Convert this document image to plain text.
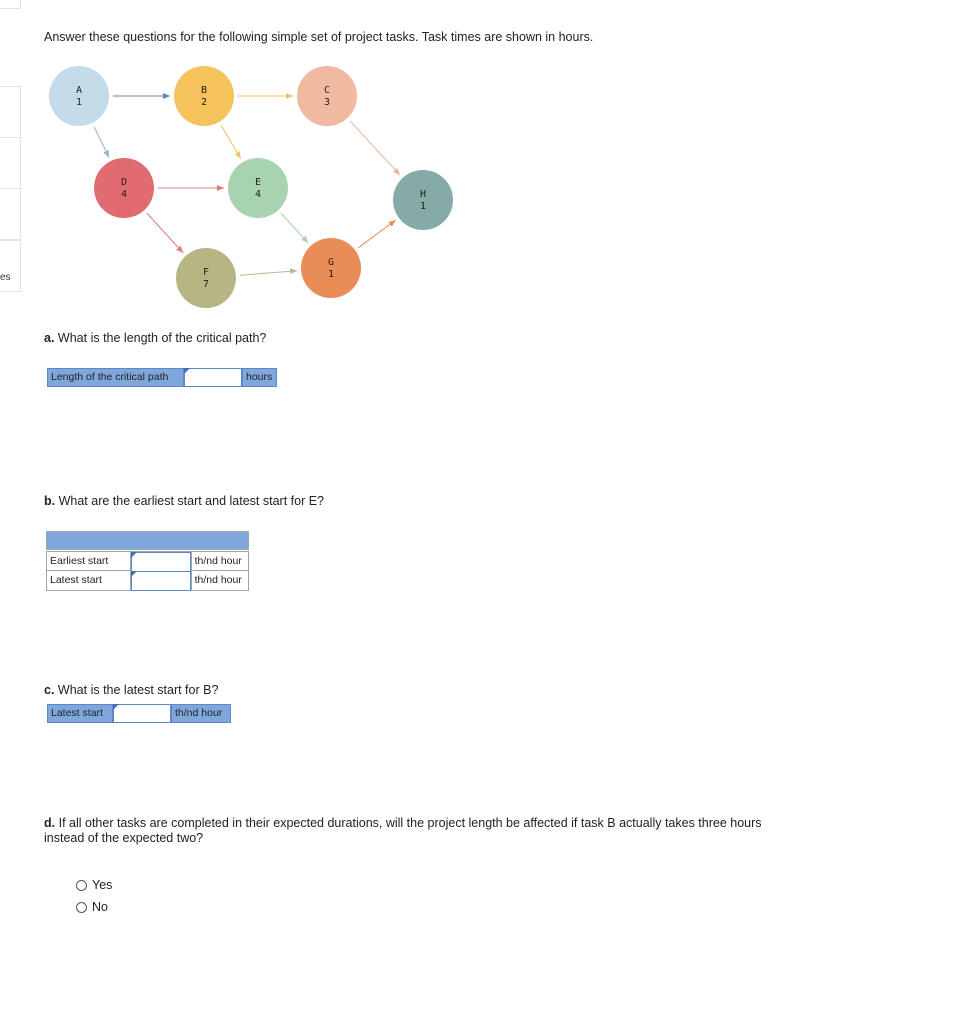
es
Answer these questions for the following simple set of project tasks. Task times are shown in hours.
A
1
B
2
C
3
D
4
E
4
F
7
G
1
H
1
a. What is the length of the critical path?
Length of the critical path	hours
b. What are the earliest start and latest start for E?
Earliest start	th/nd hour
Latest start	th/nd hour
c. What is the latest start for B?
Latest start	th/nd hour
d. If all other tasks are completed in their expected durations, will the project length be affected if task B actually takes three hours
instead of the expected two?
Yes
No
